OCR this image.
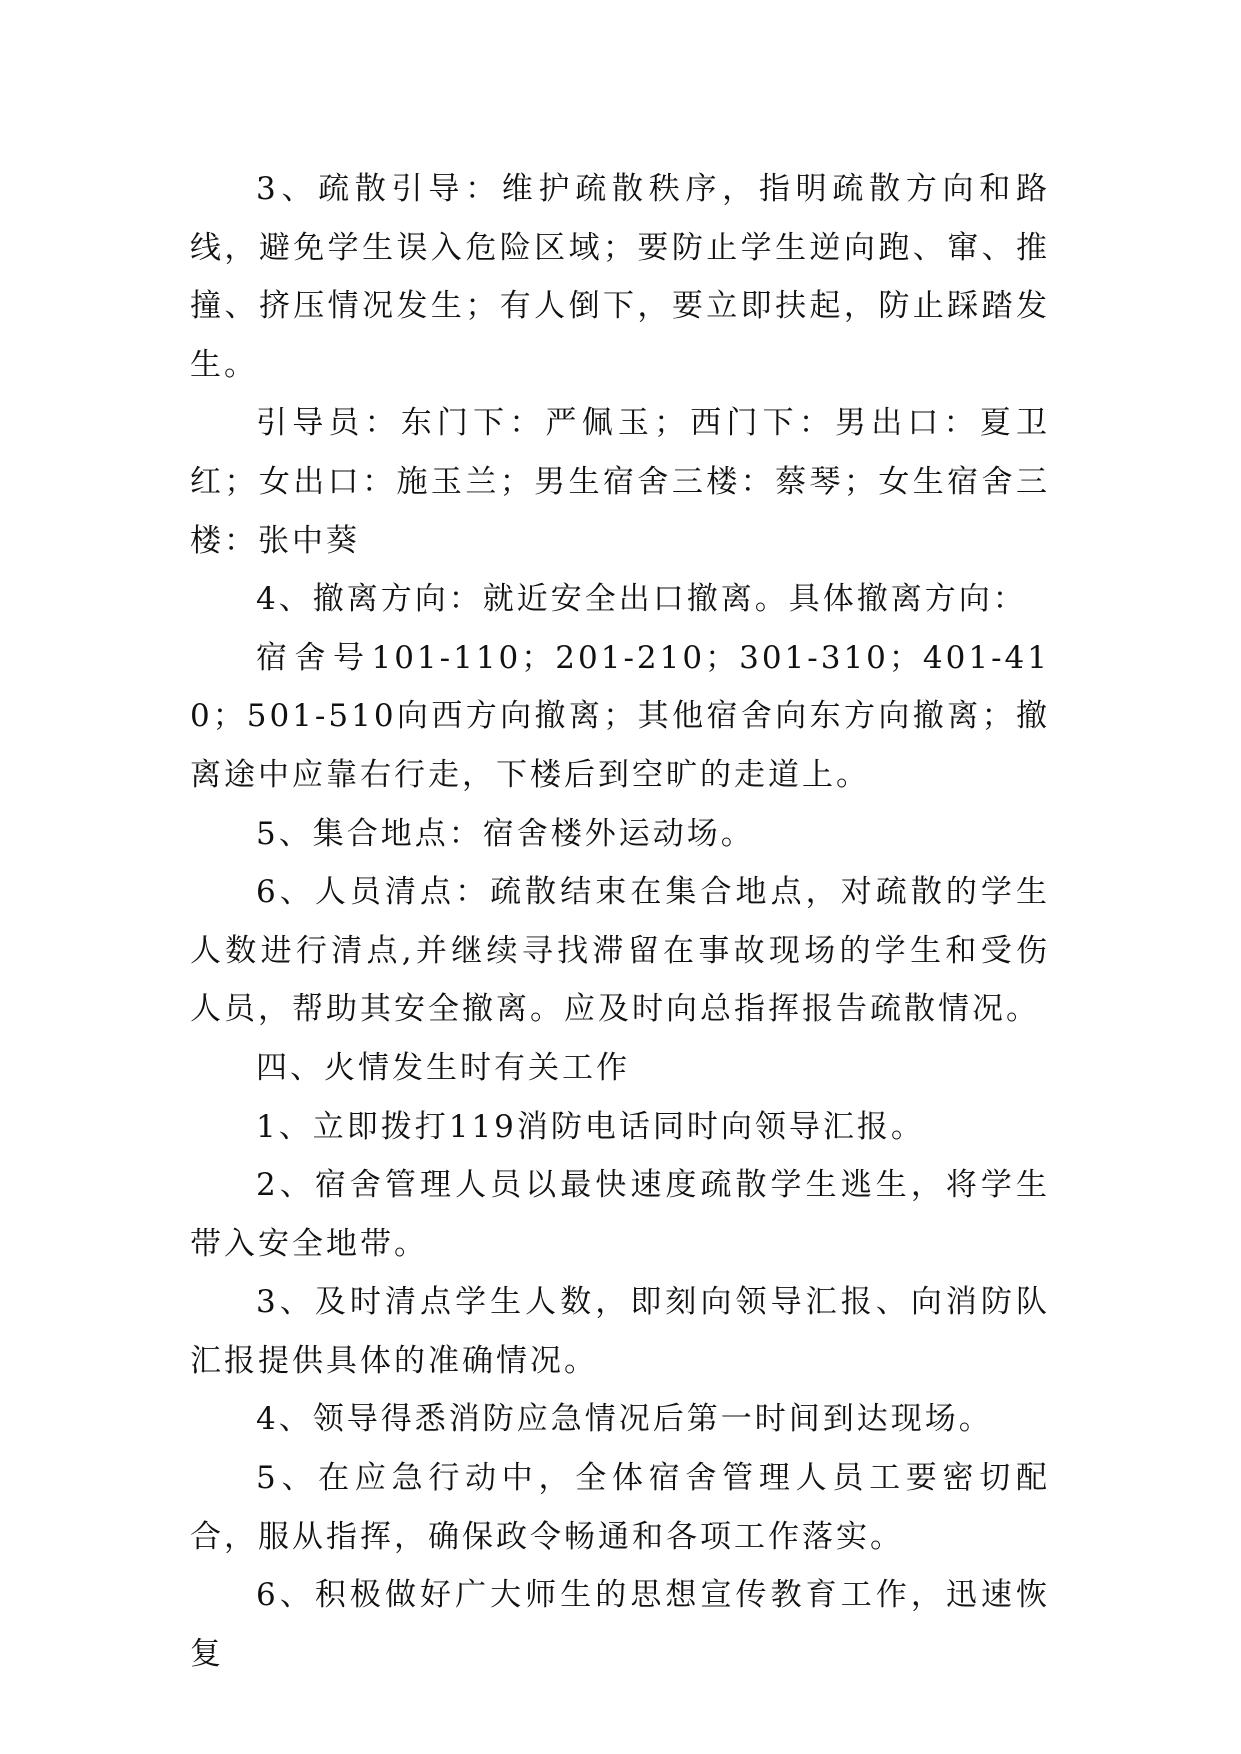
3、疏散引导：维护疏散秩序，指明疏散方向和路线，避免学生误入危险区域；要防止学生逆向跑、窜、推撞、挤压情况发生；有人倒下，要立即扶起，防止踩踏发生。

引导员：东门下：严佩玉；西门下：男出口：夏卫红；女出口：施玉兰；男生宿舍三楼：蔡琴；女生宿舍三楼：张中葵

4、撤离方向：就近安全出口撤离。具体撤离方向：

宿舍号101-110；201-210；301-310；401-410；501-510向西方向撤离；其他宿舍向东方向撤离；撤离途中应靠右行走，下楼后到空旷的走道上。

5、集合地点：宿舍楼外运动场。

6、人员清点：疏散结束在集合地点，对疏散的学生人数进行清点,并继续寻找滞留在事故现场的学生和受伤人员，帮助其安全撤离。应及时向总指挥报告疏散情况。

四、火情发生时有关工作

1、立即拨打119消防电话同时向领导汇报。

2、宿舍管理人员以最快速度疏散学生逃生，将学生带入安全地带。

3、及时清点学生人数，即刻向领导汇报、向消防队汇报提供具体的准确情况。

4、领导得悉消防应急情况后第一时间到达现场。

5、在应急行动中，全体宿舍管理人员工要密切配合，服从指挥，确保政令畅通和各项工作落实。

6、积极做好广大师生的思想宣传教育工作，迅速恢复
